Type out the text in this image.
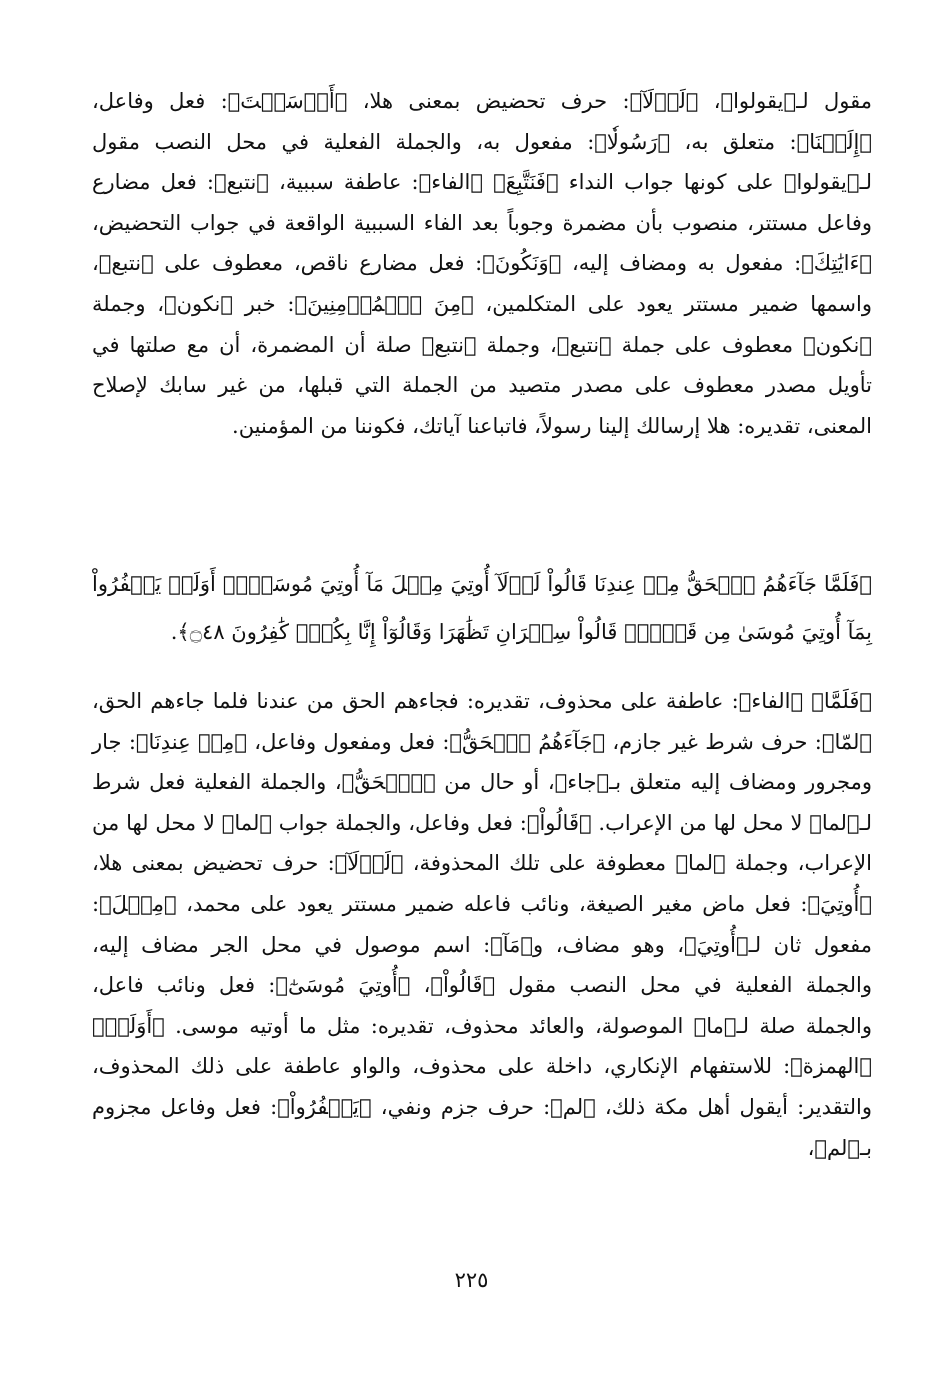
مقول لـ﴿يقولوا﴾، ﴿لَوۡلَآ﴾: حرف تحضيض بمعنى هلا، ﴿أَرۡسَلۡتَ﴾: فعل وفاعل، ﴿إِلَيۡنَا﴾: متعلق به، ﴿رَسُولٗا﴾: مفعول به، والجملة الفعلية في محل النصب مقول لـ﴿يقولوا﴾ على كونها جواب النداء ﴿فَنَتَّبِعَ﴾ ﴿الفاء﴾: عاطفة سببية، ﴿نتبع﴾: فعل مضارع وفاعل مستتر، منصوب بأن مضمرة وجوباً بعد الفاء السببية الواقعة في جواب التحضيض، ﴿ءَايَٰتِكَ﴾: مفعول به ومضاف إليه، ﴿وَنَكُونَ﴾: فعل مضارع ناقص، معطوف على ﴿نتبع﴾، واسمها ضمير مستتر يعود على المتكلمين، ﴿مِنَ ٱلۡمُؤۡمِنِينَ﴾: خبر ﴿نكون﴾، وجملة ﴿نكون﴾ معطوف على جملة ﴿نتبع﴾، وجملة ﴿نتبع﴾ صلة أن المضمرة، أن مع صلتها في تأويل مصدر معطوف على مصدر متصيد من الجملة التي قبلها، من غير سابك لإصلاح المعنى، تقديره: هلا إرسالك إلينا رسولاً، فاتباعنا آياتك، فكوننا من المؤمنين.

﴿فَلَمَّا جَآءَهُمُ ٱلۡحَقُّ مِنۡ عِندِنَا قَالُواْ لَوۡلَآ أُوتِيَ مِثۡلَ مَآ أُوتِيَ مُوسَىٰٓۚ أَوَلَمۡ يَكۡفُرُواْ بِمَآ أُوتِيَ مُوسَىٰ مِن قَبۡلُۖ قَالُواْ سِحۡرَانِ تَظَٰهَرَا وَقَالُوٓاْ إِنَّا بِكُلّٖ كَٰفِرُونَ ۝٤٨﴾.

﴿فَلَمَّا﴾ ﴿الفاء﴾: عاطفة على محذوف، تقديره: فجاءهم الحق من عندنا فلما جاءهم الحق، ﴿لمّا﴾: حرف شرط غير جازم، ﴿جَآءَهُمُ ٱلۡحَقُّ﴾: فعل ومفعول وفاعل، ﴿مِنۡ عِندِنَا﴾: جار ومجرور ومضاف إليه متعلق بـ﴿جاء﴾، أو حال من ﴿ٱلۡحَقُّ﴾، والجملة الفعلية فعل شرط لـ﴿لما﴾ لا محل لها من الإعراب. ﴿قَالُواْ﴾: فعل وفاعل، والجملة جواب ﴿لما﴾ لا محل لها من الإعراب، وجملة ﴿لما﴾ معطوفة على تلك المحذوفة، ﴿لَوۡلَآ﴾: حرف تحضيض بمعنى هلا، ﴿أُوتِيَ﴾: فعل ماض مغير الصيغة، ونائب فاعله ضمير مستتر يعود على محمد، ﴿مِثۡلَ﴾: مفعول ثان لـ﴿أُوتِيَ﴾، وهو مضاف، و﴿مَآ﴾: اسم موصول في محل الجر مضاف إليه، والجملة الفعلية في محل النصب مقول ﴿قَالُواْ﴾، ﴿أُوتِيَ مُوسَىٰٓ﴾: فعل ونائب فاعل، والجملة صلة لـ﴿ما﴾ الموصولة، والعائد محذوف، تقديره: مثل ما أوتيه موسى. ﴿أَوَلَمۡ﴾ ﴿الهمزة﴾: للاستفهام الإنكاري، داخلة على محذوف، والواو عاطفة على ذلك المحذوف، والتقدير: أيقول أهل مكة ذلك، ﴿لم﴾: حرف جزم ونفي، ﴿يَكۡفُرُواْ﴾: فعل وفاعل مجزوم بـ﴿لم﴾،

٢٢٥
